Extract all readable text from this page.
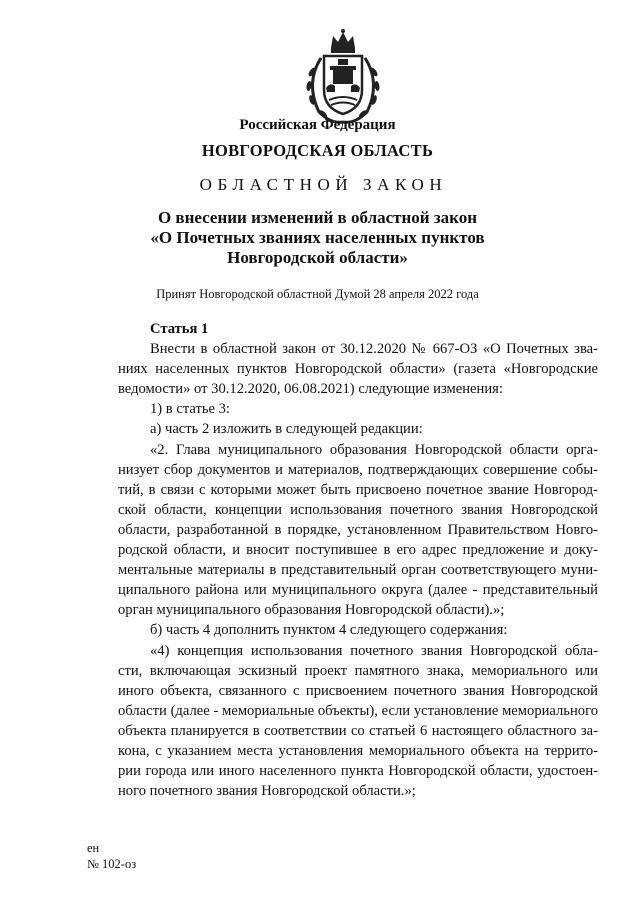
Российская Федерация
НОВГОРОДСКАЯ ОБЛАСТЬ
ОБЛАСТНОЙ ЗАКОН
О внесении изменений в областной закон
«О Почетных званиях населенных пунктов
Новгородской области»
Принят Новгородской областной Думой 28 апреля 2022 года

Статья 1

Внести в областной закон от 30.12.2020 № 667-ОЗ «О Почетных зва-
ниях населенных пунктов Новгородской области» (газета «Новгородские
ведомости» от 30.12.2020, 06.08.2021) следующие изменения:
1) в статье 3:
а) часть 2 изложить в следующей редакции:
«2. Глава муниципального образования Новгородской области орга-
низует сбор документов и материалов, подтверждающих совершение собы-
тий, в связи с которыми может быть присвоено почетное звание Новгород-
ской области, концепции использования почетного звания Новгородской
области, разработанной в порядке, установленном Правительством Новго-
родской области, и вносит поступившее в его адрес предложение и доку-
ментальные материалы в представительный орган соответствующего муни-
ципального района или муниципального округа (далее - представительный
орган муниципального образования Новгородской области).»;
б) часть 4 дополнить пунктом 4 следующего содержания:
«4) концепция использования почетного звания Новгородской обла-
сти, включающая эскизный проект памятного знака, мемориального или
иного объекта, связанного с присвоением почетного звания Новгородской
области (далее - мемориальные объекты), если установление мемориального
объекта планируется в соответствии со статьей 6 настоящего областного за-
кона, с указанием места установления мемориального объекта на террито-
рии города или иного населенного пункта Новгородской области, удостоен-
ного почетного звания Новгородской области.»;
ен
№ 102-оз
